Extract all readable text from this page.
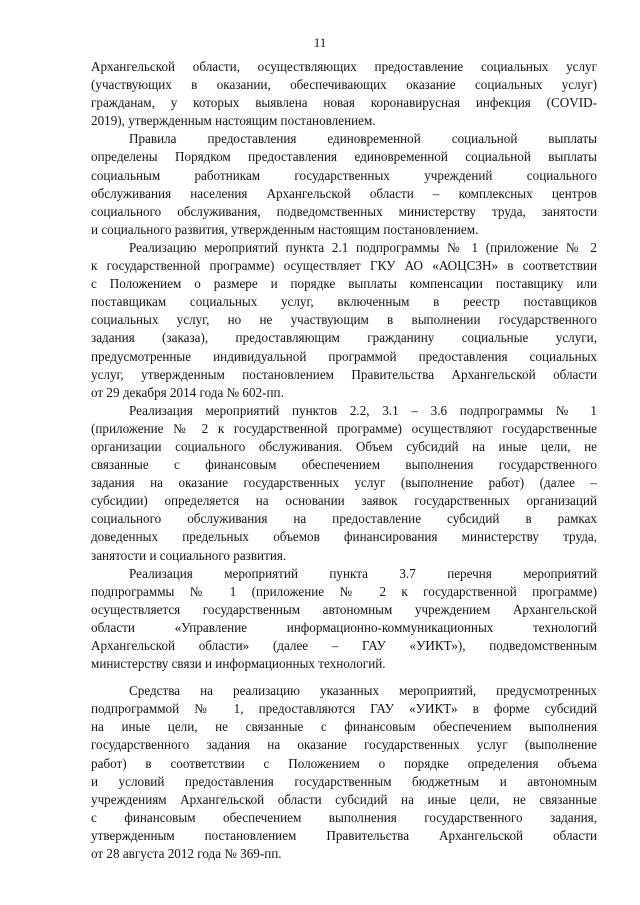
11
Архангельской области, осуществляющих предоставление социальных услуг
(участвующих в оказании, обеспечивающих оказание социальных услуг)
гражданам, у которых выявлена новая коронавирусная инфекция (COVID-
2019), утвержденным настоящим постановлением.
Правила предоставления единовременной социальной выплаты
определены Порядком предоставления единовременной социальной выплаты
социальным работникам государственных учреждений социального
обслуживания населения Архангельской области – комплексных центров
социального обслуживания, подведомственных министерству труда, занятости
и социального развития, утвержденным настоящим постановлением.
Реализацию мероприятий пункта 2.1 подпрограммы № 1 (приложение № 2
к государственной программе) осуществляет ГКУ АО «АОЦСЗН» в соответствии
с Положением о размере и порядке выплаты компенсации поставщику или
поставщикам социальных услуг, включенным в реестр поставщиков
социальных услуг, но не участвующим в выполнении государственного
задания (заказа), предоставляющим гражданину социальные услуги,
предусмотренные индивидуальной программой предоставления социальных
услуг, утвержденным постановлением Правительства Архангельской области
от 29 декабря 2014 года № 602-пп.
Реализация мероприятий пунктов 2.2, 3.1 – 3.6 подпрограммы № 1
(приложение № 2 к государственной программе) осуществляют государственные
организации социального обслуживания. Объем субсидий на иные цели, не
связанные с финансовым обеспечением выполнения государственного
задания на оказание государственных услуг (выполнение работ) (далее –
субсидии) определяется на основании заявок государственных организаций
социального обслуживания на предоставление субсидий в рамках
доведенных предельных объемов финансирования министерству труда,
занятости и социального развития.
Реализация мероприятий пункта 3.7 перечня мероприятий
подпрограммы № 1 (приложение № 2 к государственной программе)
осуществляется государственным автономным учреждением Архангельской
области «Управление информационно-коммуникационных технологий
Архангельской области» (далее – ГАУ «УИКТ»), подведомственным
министерству связи и информационных технологий.
Средства на реализацию указанных мероприятий, предусмотренных
подпрограммой № 1, предоставляются ГАУ «УИКТ» в форме субсидий
на иные цели, не связанные с финансовым обеспечением выполнения
государственного задания на оказание государственных услуг (выполнение
работ) в соответствии с Положением о порядке определения объема
и условий предоставления государственным бюджетным и автономным
учреждениям Архангельской области субсидий на иные цели, не связанные
с финансовым обеспечением выполнения государственного задания,
утвержденным постановлением Правительства Архангельской области
от 28 августа 2012 года № 369-пп.
